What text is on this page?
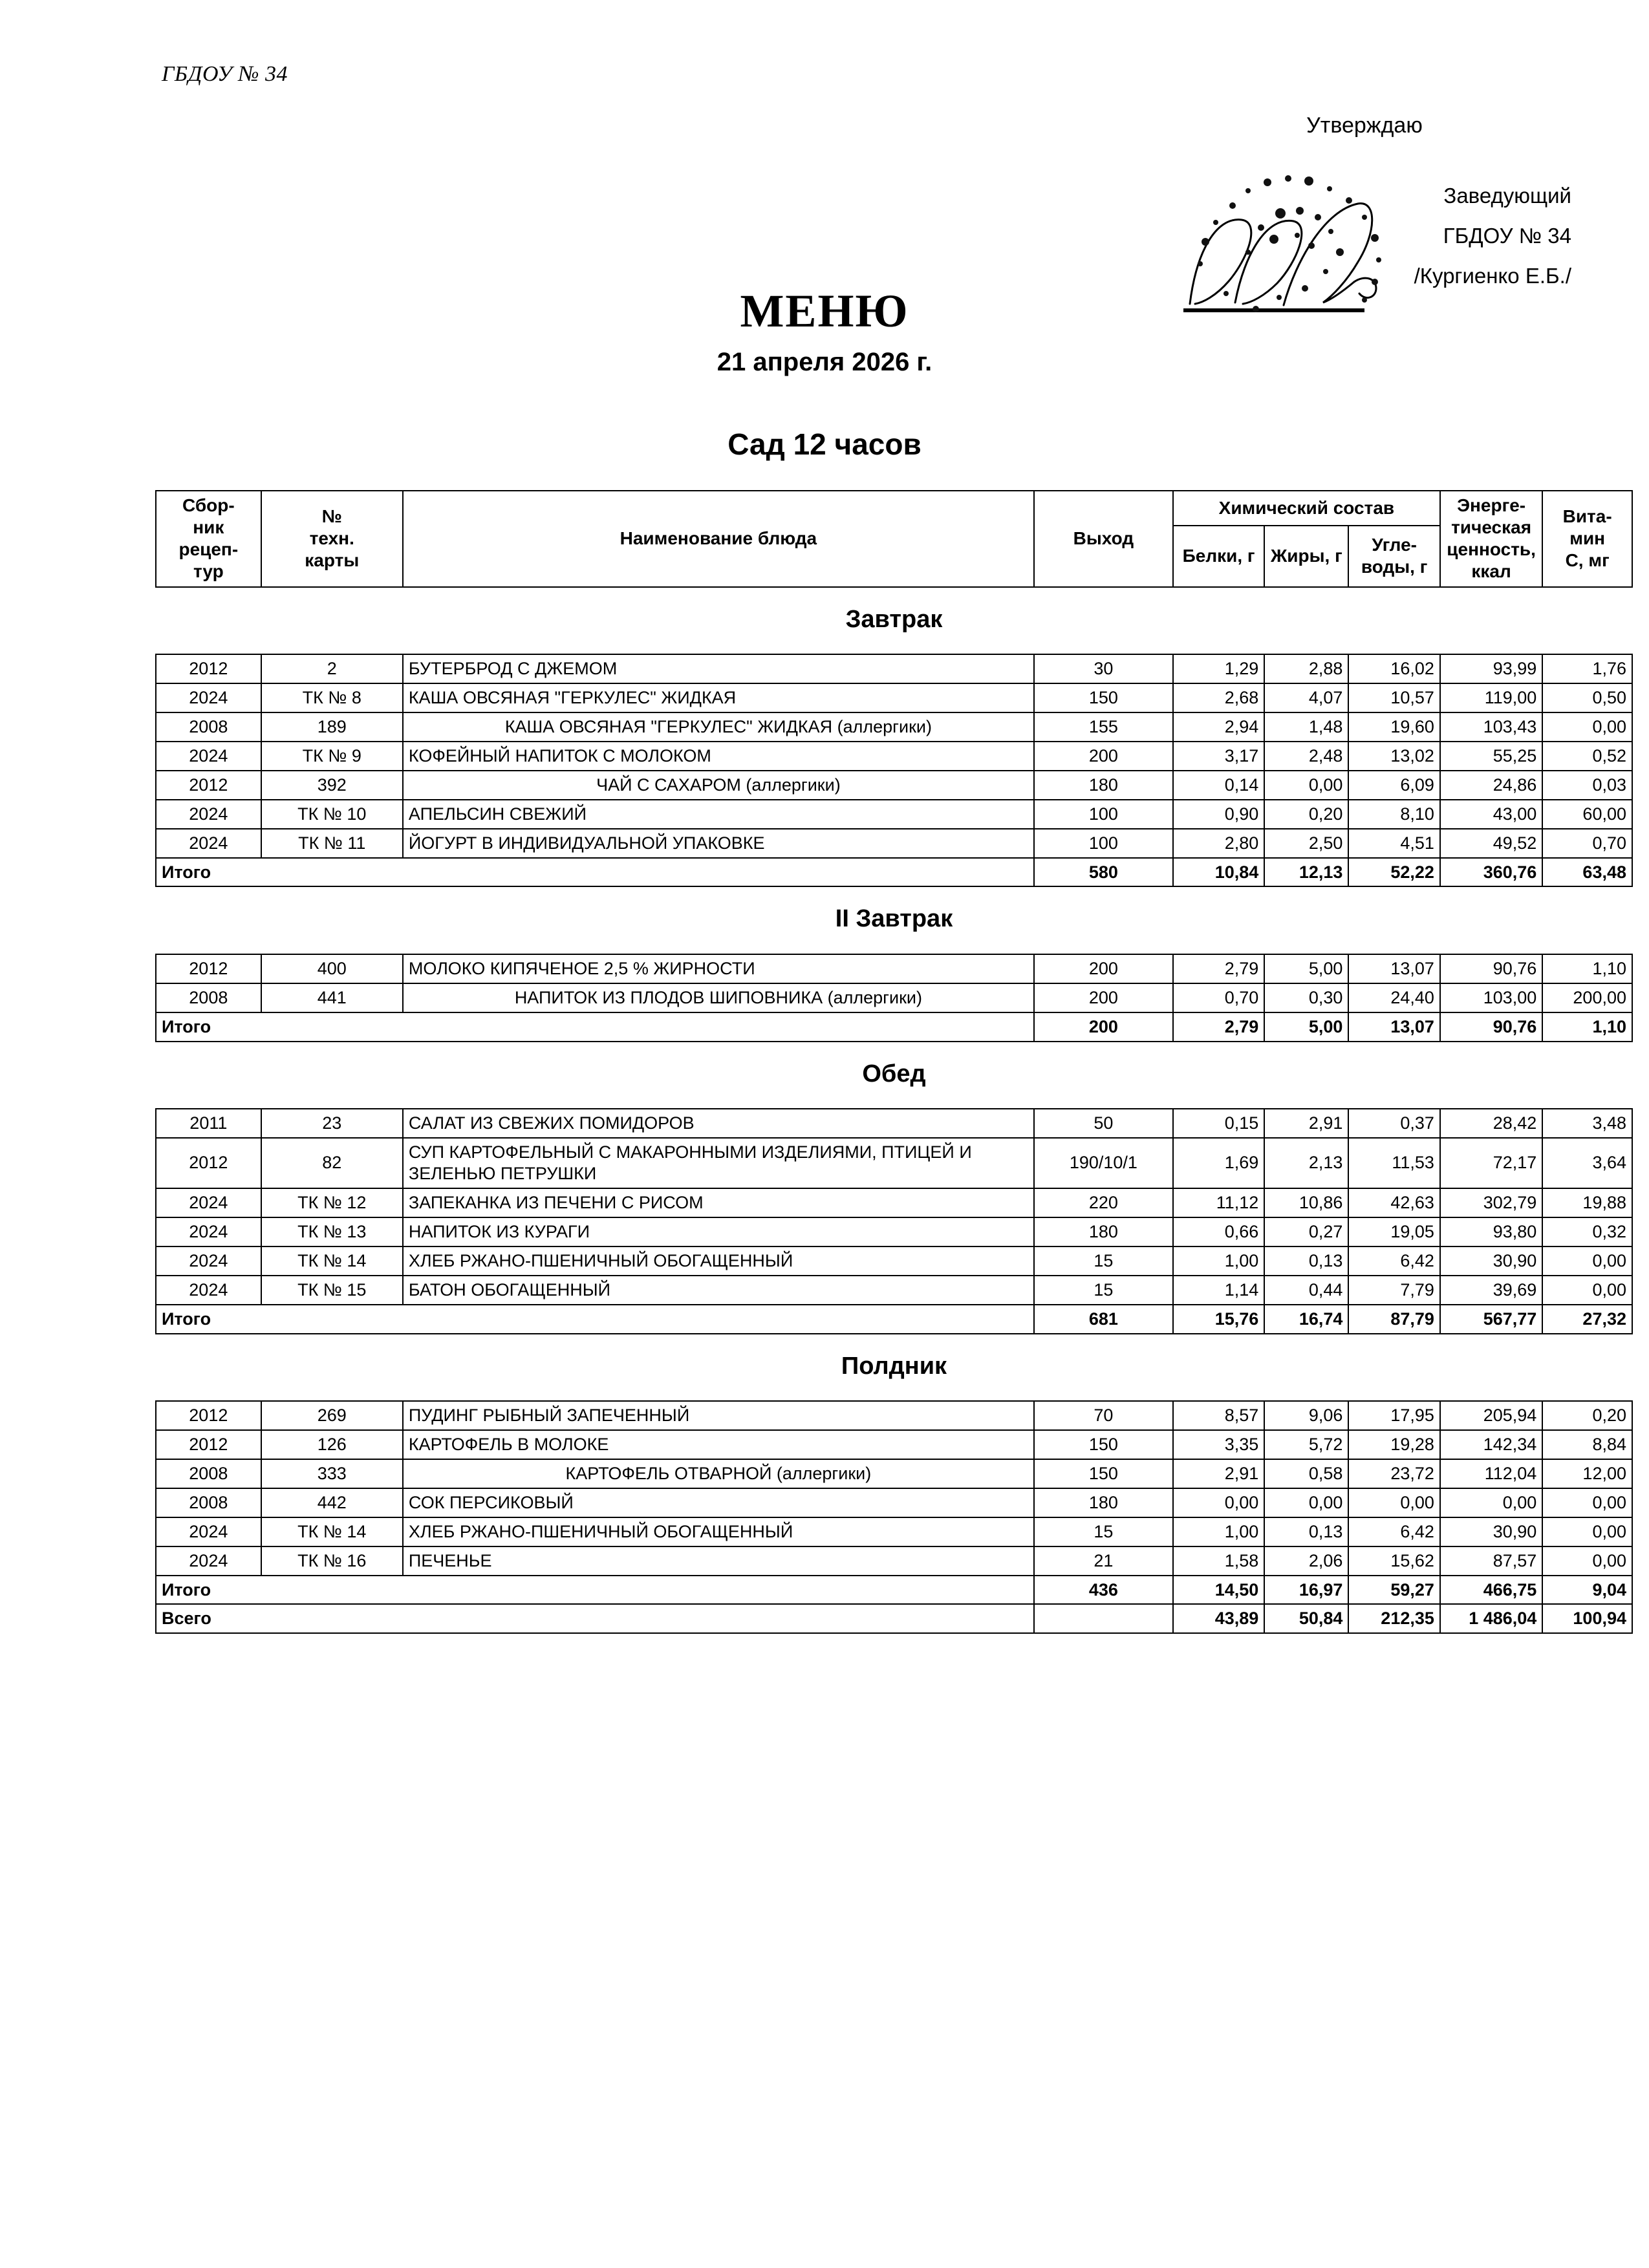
ГБДОУ № 34
Утверждаю
Заведующий
ГБДОУ № 34
/Кургиенко Е.Б./
МЕНЮ
21 апреля 2026 г.
Сад 12 часов
Сбор-
ник
рецеп-
тур	№
техн.
карты	Наименование блюда	Выход	Химический состав			Энерге-
тическая
ценность,
ккал	Вита-
мин
С, мг
				Белки, г	Жиры, г	Угле-
воды, г		
Завтрак								
2012	2	БУТЕРБРОД С ДЖЕМОМ	30	1,29	2,88	16,02	93,99	1,76
2024	ТК № 8	КАША ОВСЯНАЯ "ГЕРКУЛЕС" ЖИДКАЯ	150	2,68	4,07	10,57	119,00	0,50
2008	189	КАША ОВСЯНАЯ "ГЕРКУЛЕС" ЖИДКАЯ (аллергики)	155	2,94	1,48	19,60	103,43	0,00
2024	ТК № 9	КОФЕЙНЫЙ НАПИТОК С МОЛОКОМ	200	3,17	2,48	13,02	55,25	0,52
2012	392	ЧАЙ С САХАРОМ (аллергики)	180	0,14	0,00	6,09	24,86	0,03
2024	ТК № 10	АПЕЛЬСИН СВЕЖИЙ	100	0,90	0,20	8,10	43,00	60,00
2024	ТК № 11	ЙОГУРТ В ИНДИВИДУАЛЬНОЙ УПАКОВКЕ	100	2,80	2,50	4,51	49,52	0,70
Итого			580	10,84	12,13	52,22	360,76	63,48
II Завтрак								
2012	400	МОЛОКО КИПЯЧЕНОЕ 2,5 % ЖИРНОСТИ	200	2,79	5,00	13,07	90,76	1,10
2008	441	НАПИТОК ИЗ ПЛОДОВ ШИПОВНИКА (аллергики)	200	0,70	0,30	24,40	103,00	200,00
Итого			200	2,79	5,00	13,07	90,76	1,10
Обед								
2011	23	САЛАТ ИЗ СВЕЖИХ ПОМИДОРОВ	50	0,15	2,91	0,37	28,42	3,48
2012	82	СУП КАРТОФЕЛЬНЫЙ С МАКАРОННЫМИ ИЗДЕЛИЯМИ, ПТИЦЕЙ И ЗЕЛЕНЬЮ ПЕТРУШКИ	190/10/1	1,69	2,13	11,53	72,17	3,64
2024	ТК № 12	ЗАПЕКАНКА ИЗ ПЕЧЕНИ С РИСОМ	220	11,12	10,86	42,63	302,79	19,88
2024	ТК № 13	НАПИТОК ИЗ КУРАГИ	180	0,66	0,27	19,05	93,80	0,32
2024	ТК № 14	ХЛЕБ РЖАНО-ПШЕНИЧНЫЙ ОБОГАЩЕННЫЙ	15	1,00	0,13	6,42	30,90	0,00
2024	ТК № 15	БАТОН ОБОГАЩЕННЫЙ	15	1,14	0,44	7,79	39,69	0,00
Итого			681	15,76	16,74	87,79	567,77	27,32
Полдник								
2012	269	ПУДИНГ РЫБНЫЙ ЗАПЕЧЕННЫЙ	70	8,57	9,06	17,95	205,94	0,20
2012	126	КАРТОФЕЛЬ В МОЛОКЕ	150	3,35	5,72	19,28	142,34	8,84
2008	333	КАРТОФЕЛЬ ОТВАРНОЙ (аллергики)	150	2,91	0,58	23,72	112,04	12,00
2008	442	СОК ПЕРСИКОВЫЙ	180	0,00	0,00	0,00	0,00	0,00
2024	ТК № 14	ХЛЕБ РЖАНО-ПШЕНИЧНЫЙ ОБОГАЩЕННЫЙ	15	1,00	0,13	6,42	30,90	0,00
2024	ТК № 16	ПЕЧЕНЬЕ	21	1,58	2,06	15,62	87,57	0,00
Итого			436	14,50	16,97	59,27	466,75	9,04
Всего				43,89	50,84	212,35	1 486,04	100,94
